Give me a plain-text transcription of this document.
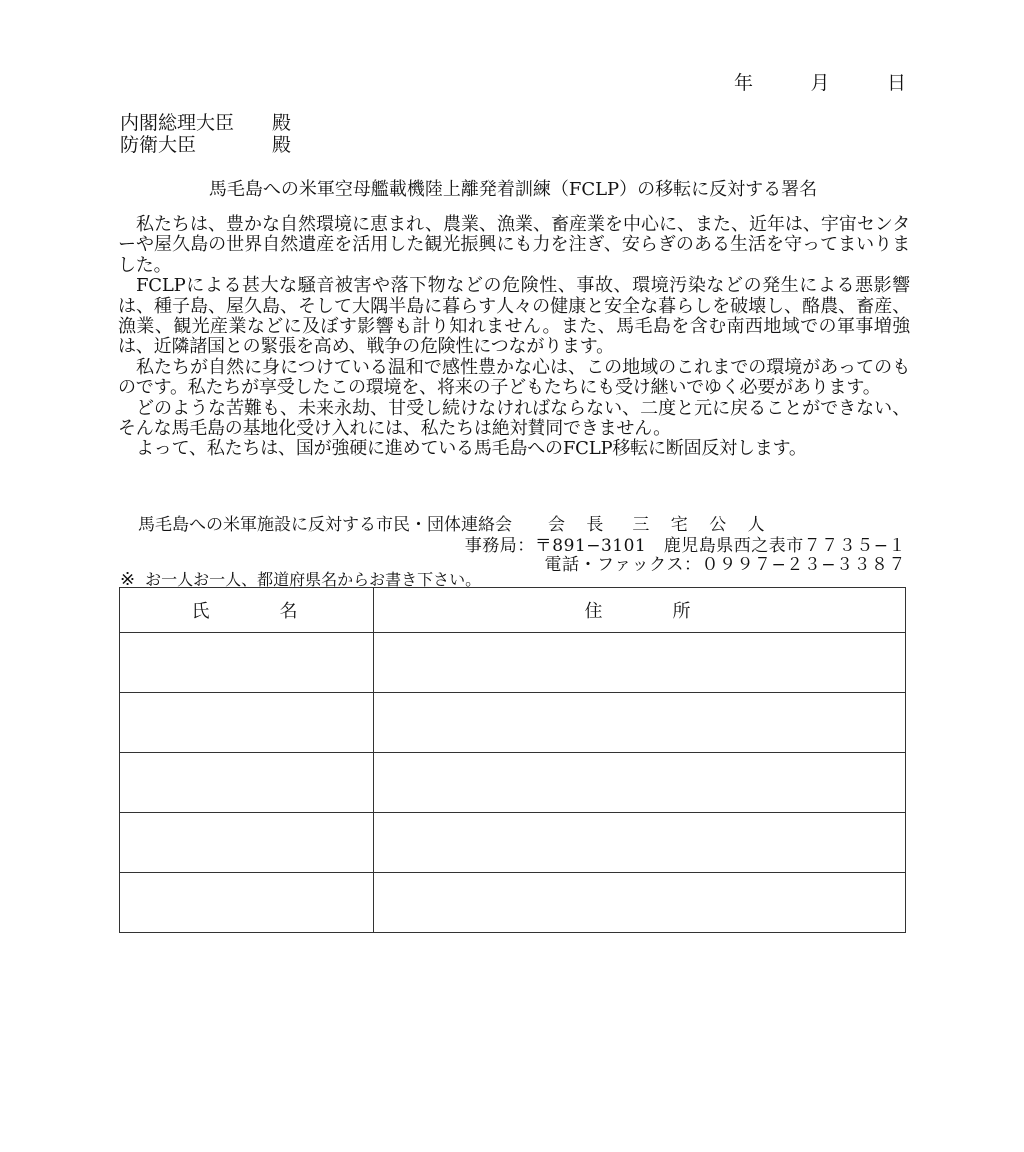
年	月	日
内閣総理大臣 殿
防衛大臣	殿
馬毛島への米軍空母艦載機陸上離発着訓練（FCLP）の移転に反対する署名

私たちは、豊かな自然環境に恵まれ、農業、漁業、畜産業を中心に、また、近年は、宇宙センターや屋久島の世界自然遺産を活用した観光振興にも力を注ぎ、安らぎのある生活を守ってまいりました。

FCLPによる甚大な騒音被害や落下物などの危険性、事故、環境汚染などの発生による悪影響は、種子島、屋久島、そして大隅半島に暮らす人々の健康と安全な暮らしを破壊し、酪農、畜産、漁業、観光産業などに及ぼす影響も計り知れません。また、馬毛島を含む南西地域での軍事増強は、近隣諸国との緊張を高め、戦争の危険性につながります。

私たちが自然に身につけている温和で感性豊かな心は、この地域のこれまでの環境があってのものです。私たちが享受したこの環境を、将来の子どもたちにも受け継いでゆく必要があります。

どのような苦難も、未来永劫、甘受し続けなければならない、二度と元に戻ることができない、そんな馬毛島の基地化受け入れには、私たちは絶対賛同できません。

よって、私たちは、国が強硬に進めている馬毛島へのFCLP移転に断固反対します。

馬毛島への米軍施設に反対する市民・団体連絡会 会 長　三 宅 公 人
事務局：〒891−3101　鹿児島県西之表市７７３５−１
電話・ファックス：０９９７−２３−３３８７
※ お一人お一人、都道府県名からお書き下さい。
氏　　　名	住　　　所
